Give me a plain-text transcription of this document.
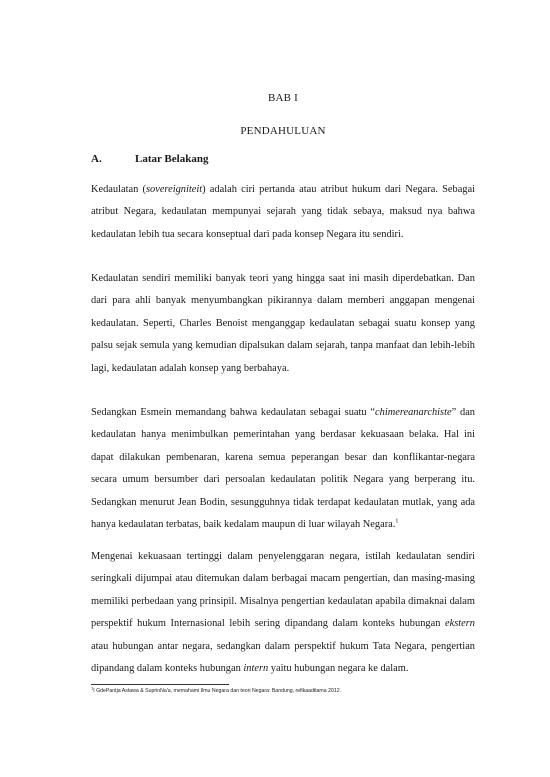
BAB I
PENDAHULUAN
A.	Latar Belakang

Kedaulatan (sovereigniteit) adalah ciri pertanda atau atribut hukum dari Negara. Sebagai atribut Negara, kedaulatan mempunyai sejarah yang tidak sebaya, maksud nya bahwa kedaulatan lebih tua secara konseptual dari pada konsep Negara itu sendiri.

Kedaulatan sendiri memiliki banyak teori yang hingga saat ini masih diperdebatkan. Dan dari para ahli banyak menyumbangkan pikirannya dalam memberi anggapan mengenai kedaulatan. Seperti, Charles Benoist menganggap kedaulatan sebagai suatu konsep yang palsu sejak semula yang kemudian dipalsukan dalam sejarah, tanpa manfaat dan lebih-lebih lagi, kedaulatan adalah konsep yang berbahaya.

Sedangkan Esmein memandang bahwa kedaulatan sebagai suatu “chimereanarchiste” dan kedaulatan hanya menimbulkan pemerintahan yang berdasar kekuasaan belaka. Hal ini dapat dilakukan pembenaran, karena semua peperangan besar dan konflikantar-negara secara umum bersumber dari persoalan kedaulatan politik Negara yang berperang itu. Sedangkan menurut Jean Bodin, sesungguhnya tidak terdapat kedaulatan mutlak, yang ada hanya kedaulatan terbatas, baik kedalam maupun di luar wilayah Negara.$^1$

Mengenai kekuasaan tertinggi dalam penyelenggaran negara, istilah kedaulatan sendiri seringkali dijumpai atau ditemukan dalam berbagai macam pengertian, dan masing-masing memiliki perbedaan yang prinsipil. Misalnya pengertian kedaulatan apabila dimaknai dalam perspektif hukum Internasional lebih sering dipandang dalam konteks hubungan ekstern atau hubungan antar negara, sedangkan dalam perspektif hukum Tata Negara, pengertian dipandang dalam konteks hubungan intern yaitu hubungan negara ke dalam.

$^1$I GdePantja Astawa & SuprinNa'a, memahami Ilmu Negara dan teori Negara: Bandung, refikaaditama 2012.
